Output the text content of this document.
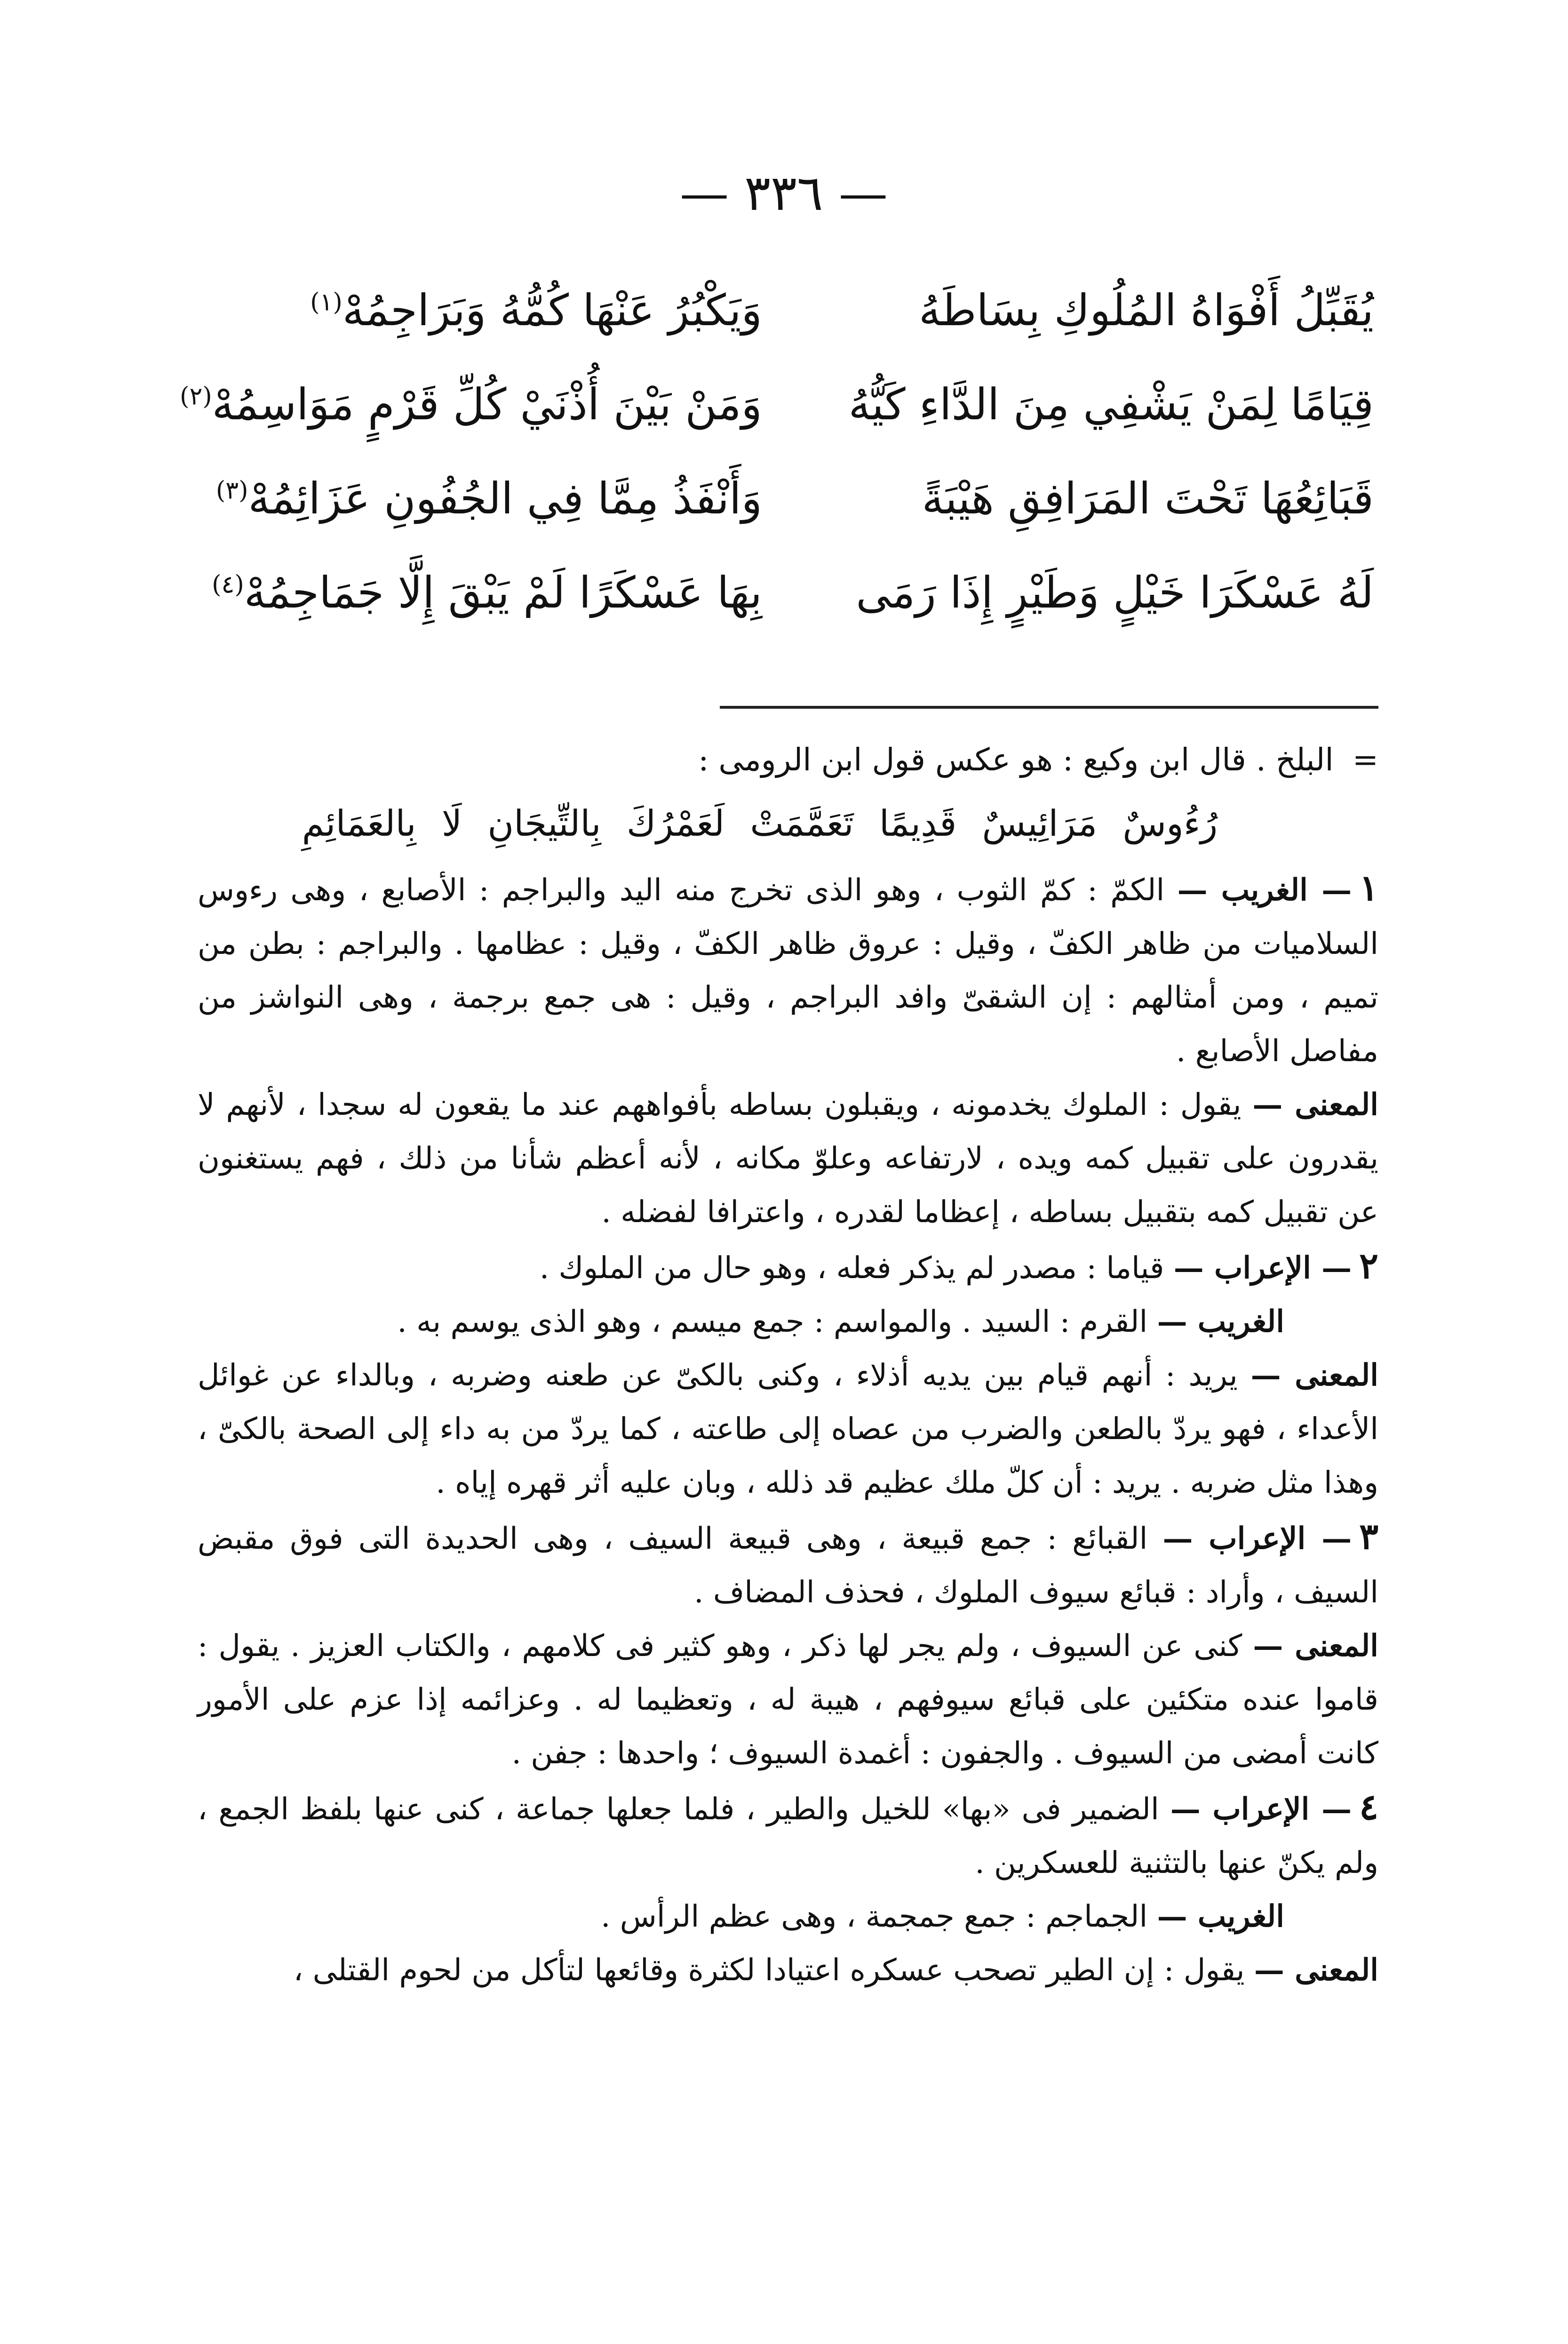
— ٣٣٦ —
يُقَبِّلُ أَفْوَاهُ المُلُوكِ بِسَاطَهُ
وَيَكْبُرُ عَنْهَا كُمُّهُ وَبَرَاجِمُهْ$^{(١)}$
قِيَامًا لِمَنْ يَشْفِي مِنَ الدَّاءِ كَيُّهُ
وَمَنْ بَيْنَ أُذْنَيْ كُلِّ قَرْمٍ مَوَاسِمُهْ$^{(٢)}$
قَبَائِعُهَا تَحْتَ المَرَافِقِ هَيْبَةً
وَأَنْفَذُ مِمَّا فِي الجُفُونِ عَزَائِمُهْ$^{(٣)}$
لَهُ عَسْكَرَا خَيْلٍ وَطَيْرٍ إِذَا رَمَى
بِهَا عَسْكَرًا لَمْ يَبْقَ إِلَّا جَمَاجِمُهْ$^{(٤)}$

=البلخ . قال ابن وكيع : هو عكس قول ابن الرومى :

رُءُوسٌ مَرَائِيسٌ قَدِيمًا تَعَمَّمَتْ لَعَمْرُكَ بِالتِّيجَانِ لَا بِالعَمَائِمِ

١— الغريب — الكمّ : كمّ الثوب ، وهو الذى تخرج منه اليد والبراجم : الأصابع ، وهى رءوس السلاميات من ظاهر الكفّ ، وقيل : عروق ظاهر الكفّ ، وقيل : عظامها . والبراجم : بطن من تميم ، ومن أمثالهم : إن الشقىّ وافد البراجم ، وقيل : هى جمع برجمة ، وهى النواشز من مفاصل الأصابع .

المعنى — يقول : الملوك يخدمونه ، ويقبلون بساطه بأفواههم عند ما يقعون له سجدا ، لأنهم لا يقدرون على تقبيل كمه ويده ، لارتفاعه وعلوّ مكانه ، لأنه أعظم شأنا من ذلك ، فهم يستغنون عن تقبيل كمه بتقبيل بساطه ، إعظاما لقدره ، واعترافا لفضله .

٢— الإعراب — قياما : مصدر لم يذكر فعله ، وهو حال من الملوك .

الغريب — القرم : السيد . والمواسم : جمع ميسم ، وهو الذى يوسم به .

المعنى — يريد : أنهم قيام بين يديه أذلاء ، وكنى بالكىّ عن طعنه وضربه ، وبالداء عن غوائل الأعداء ، فهو يردّ بالطعن والضرب من عصاه إلى طاعته ، كما يردّ من به داء إلى الصحة بالكىّ ، وهذا مثل ضربه . يريد : أن كلّ ملك عظيم قد ذلله ، وبان عليه أثر قهره إياه .

٣— الإعراب — القبائع : جمع قبيعة ، وهى قبيعة السيف ، وهى الحديدة التى فوق مقبض السيف ، وأراد : قبائع سيوف الملوك ، فحذف المضاف .

المعنى — كنى عن السيوف ، ولم يجر لها ذكر ، وهو كثير فى كلامهم ، والكتاب العزيز . يقول : قاموا عنده متكئين على قبائع سيوفهم ، هيبة له ، وتعظيما له . وعزائمه إذا عزم على الأمور كانت أمضى من السيوف . والجفون : أغمدة السيوف ؛ واحدها : جفن .

٤— الإعراب — الضمير فى «بها» للخيل والطير ، فلما جعلها جماعة ، كنى عنها بلفظ الجمع ، ولم يكنّ عنها بالتثنية للعسكرين .

الغريب — الجماجم : جمع جمجمة ، وهى عظم الرأس .

المعنى — يقول : إن الطير تصحب عسكره اعتيادا لكثرة وقائعها لتأكل من لحوم القتلى ،
